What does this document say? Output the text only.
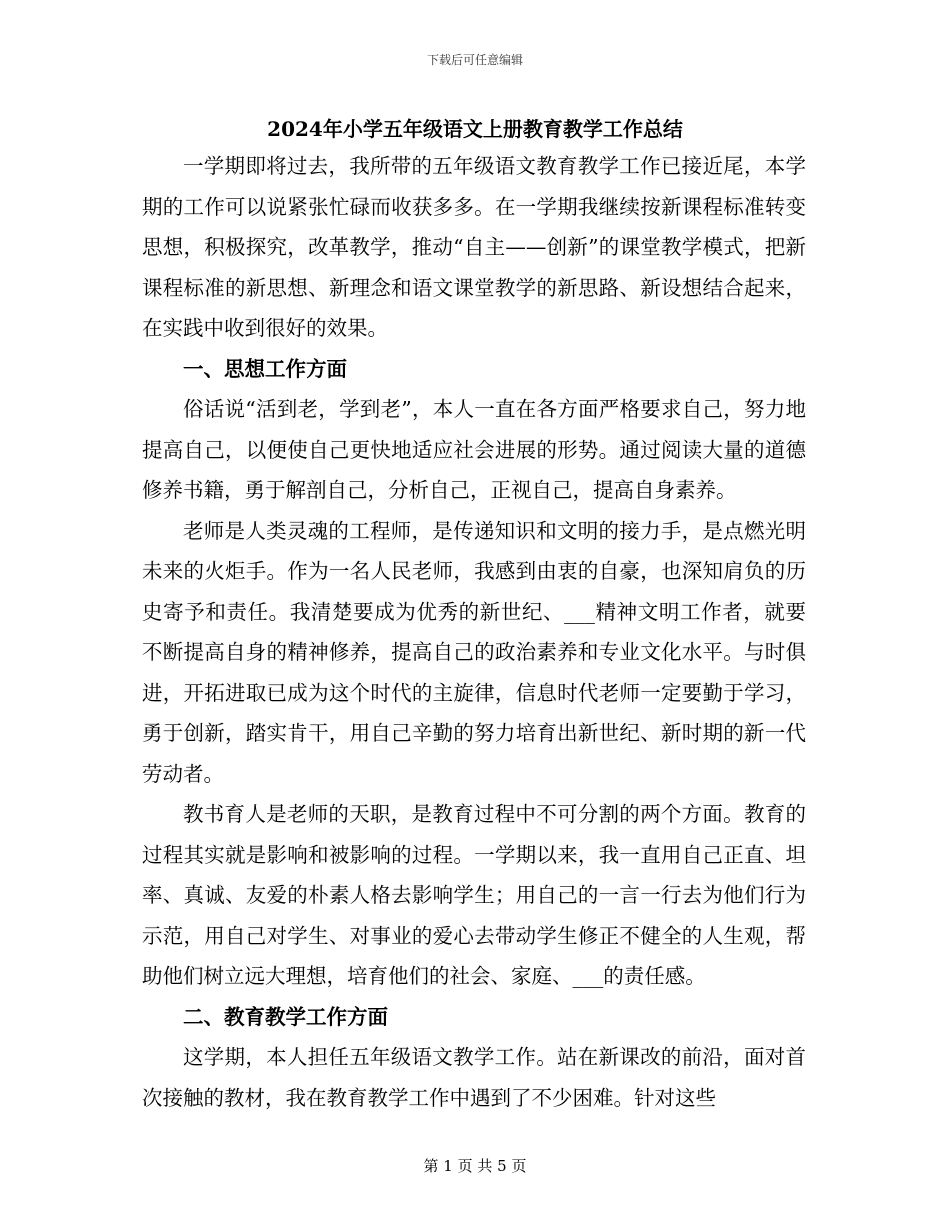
下载后可任意编辑
2024年小学五年级语文上册教育教学工作总结

一学期即将过去，我所带的五年级语文教育教学工作已接近尾，本学期的工作可以说紧张忙碌而收获多多。在一学期我继续按新课程标准转变思想，积极探究，改革教学，推动“自主——创新”的课堂教学模式，把新课程标准的新思想、新理念和语文课堂教学的新思路、新设想结合起来，在实践中收到很好的效果。

一、思想工作方面

俗话说“活到老，学到老”，本人一直在各方面严格要求自己，努力地提高自己，以便使自己更快地适应社会进展的形势。通过阅读大量的道德修养书籍，勇于解剖自己，分析自己，正视自己，提高自身素养。

老师是人类灵魂的工程师，是传递知识和文明的接力手，是点燃光明未来的火炬手。作为一名人民老师，我感到由衷的自豪，也深知肩负的历史寄予和责任。我清楚要成为优秀的新世纪、___精神文明工作者，就要不断提高自身的精神修养，提高自己的政治素养和专业文化水平。与时俱进，开拓进取已成为这个时代的主旋律，信息时代老师一定要勤于学习，勇于创新，踏实肯干，用自己辛勤的努力培育出新世纪、新时期的新一代劳动者。

教书育人是老师的天职，是教育过程中不可分割的两个方面。教育的过程其实就是影响和被影响的过程。一学期以来，我一直用自己正直、坦率、真诚、友爱的朴素人格去影响学生；用自己的一言一行去为他们行为示范，用自己对学生、对事业的爱心去带动学生修正不健全的人生观，帮助他们树立远大理想，培育他们的社会、家庭、___的责任感。

二、教育教学工作方面

这学期，本人担任五年级语文教学工作。站在新课改的前沿，面对首次接触的教材，我在教育教学工作中遇到了不少困难。针对这些

第 1 页 共 5 页
